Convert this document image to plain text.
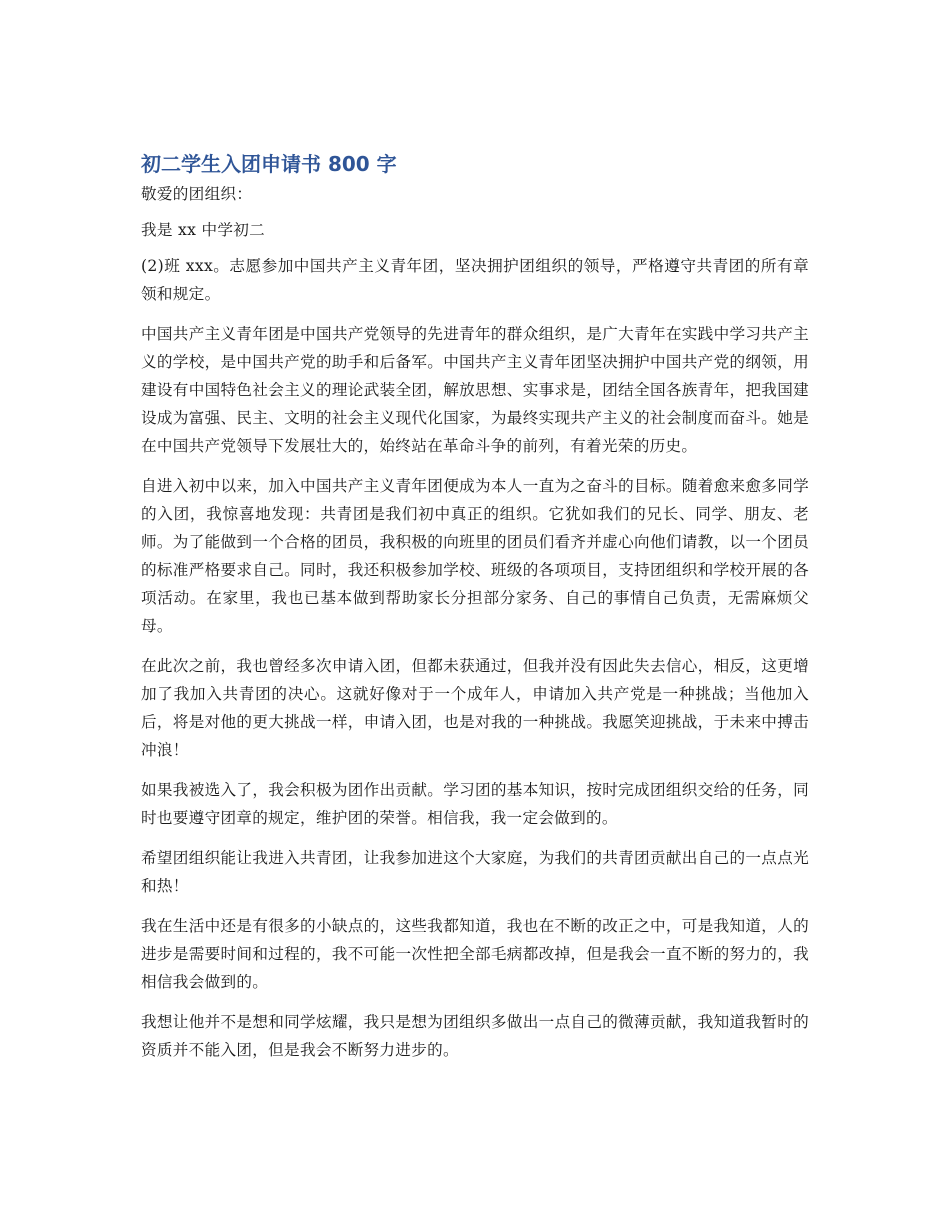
初二学生入团申请书 800 字

敬爱的团组织：

我是 xx 中学初二

(2)班 xxx。志愿参加中国共产主义青年团，坚决拥护团组织的领导，严格遵守共青团的所有章领和规定。

中国共产主义青年团是中国共产党领导的先进青年的群众组织，是广大青年在实践中学习共产主义的学校，是中国共产党的助手和后备军。中国共产主义青年团坚决拥护中国共产党的纲领，用建设有中国特色社会主义的理论武装全团，解放思想、实事求是，团结全国各族青年，把我国建设成为富强、民主、文明的社会主义现代化国家，为最终实现共产主义的社会制度而奋斗。她是在中国共产党领导下发展壮大的，始终站在革命斗争的前列，有着光荣的历史。

自进入初中以来，加入中国共产主义青年团便成为本人一直为之奋斗的目标。随着愈来愈多同学的入团，我惊喜地发现：共青团是我们初中真正的组织。它犹如我们的兄长、同学、朋友、老师。为了能做到一个合格的团员，我积极的向班里的团员们看齐并虚心向他们请教，以一个团员的标准严格要求自己。同时，我还积极参加学校、班级的各项项目，支持团组织和学校开展的各项活动。在家里，我也已基本做到帮助家长分担部分家务、自己的事情自己负责，无需麻烦父母。

在此次之前，我也曾经多次申请入团，但都未获通过，但我并没有因此失去信心，相反，这更增加了我加入共青团的决心。这就好像对于一个成年人，申请加入共产党是一种挑战；当他加入后，将是对他的更大挑战一样，申请入团，也是对我的一种挑战。我愿笑迎挑战，于未来中搏击冲浪！

如果我被选入了，我会积极为团作出贡献。学习团的基本知识，按时完成团组织交给的任务，同时也要遵守团章的规定，维护团的荣誉。相信我，我一定会做到的。

希望团组织能让我进入共青团，让我参加进这个大家庭，为我们的共青团贡献出自己的一点点光和热！

我在生活中还是有很多的小缺点的，这些我都知道，我也在不断的改正之中，可是我知道，人的进步是需要时间和过程的，我不可能一次性把全部毛病都改掉，但是我会一直不断的努力的，我相信我会做到的。

我想让他并不是想和同学炫耀，我只是想为团组织多做出一点自己的微薄贡献，我知道我暂时的资质并不能入团，但是我会不断努力进步的。
